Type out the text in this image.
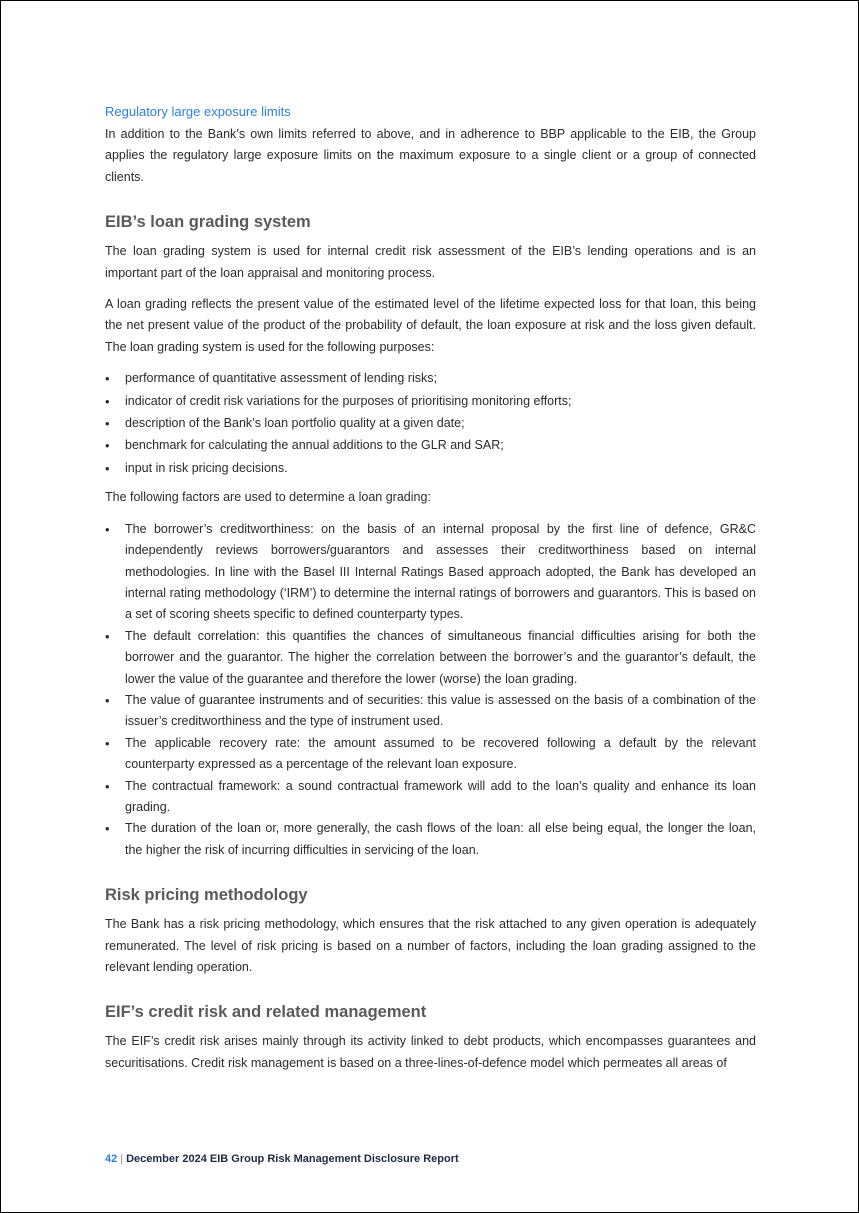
Regulatory large exposure limits

In addition to the Bank’s own limits referred to above, and in adherence to BBP applicable to the EIB, the Group applies the regulatory large exposure limits on the maximum exposure to a single client or a group of connected clients.

EIB’s loan grading system

The loan grading system is used for internal credit risk assessment of the EIB’s lending operations and is an important part of the loan appraisal and monitoring process.

A loan grading reflects the present value of the estimated level of the lifetime expected loss for that loan, this being the net present value of the product of the probability of default, the loan exposure at risk and the loss given default. The loan grading system is used for the following purposes:

• performance of quantitative assessment of lending risks;
• indicator of credit risk variations for the purposes of prioritising monitoring efforts;
• description of the Bank’s loan portfolio quality at a given date;
• benchmark for calculating the annual additions to the GLR and SAR;
• input in risk pricing decisions.

The following factors are used to determine a loan grading:

• The borrower’s creditworthiness: on the basis of an internal proposal by the first line of defence, GR&C independently reviews borrowers/guarantors and assesses their creditworthiness based on internal methodologies. In line with the Basel III Internal Ratings Based approach adopted, the Bank has developed an internal rating methodology (‘IRM’) to determine the internal ratings of borrowers and guarantors. This is based on a set of scoring sheets specific to defined counterparty types.
• The default correlation: this quantifies the chances of simultaneous financial difficulties arising for both the borrower and the guarantor. The higher the correlation between the borrower’s and the guarantor’s default, the lower the value of the guarantee and therefore the lower (worse) the loan grading.
• The value of guarantee instruments and of securities: this value is assessed on the basis of a combination of the issuer’s creditworthiness and the type of instrument used.
• The applicable recovery rate: the amount assumed to be recovered following a default by the relevant counterparty expressed as a percentage of the relevant loan exposure.
• The contractual framework: a sound contractual framework will add to the loan’s quality and enhance its loan grading.
• The duration of the loan or, more generally, the cash flows of the loan: all else being equal, the longer the loan, the higher the risk of incurring difficulties in servicing of the loan.
Risk pricing methodology

The Bank has a risk pricing methodology, which ensures that the risk attached to any given operation is adequately remunerated. The level of risk pricing is based on a number of factors, including the loan grading assigned to the relevant lending operation.

EIF’s credit risk and related management

The EIF’s credit risk arises mainly through its activity linked to debt products, which encompasses guarantees and securitisations. Credit risk management is based on a three-lines-of-defence model which permeates all areas of

42 | December 2024 EIB Group Risk Management Disclosure Report
